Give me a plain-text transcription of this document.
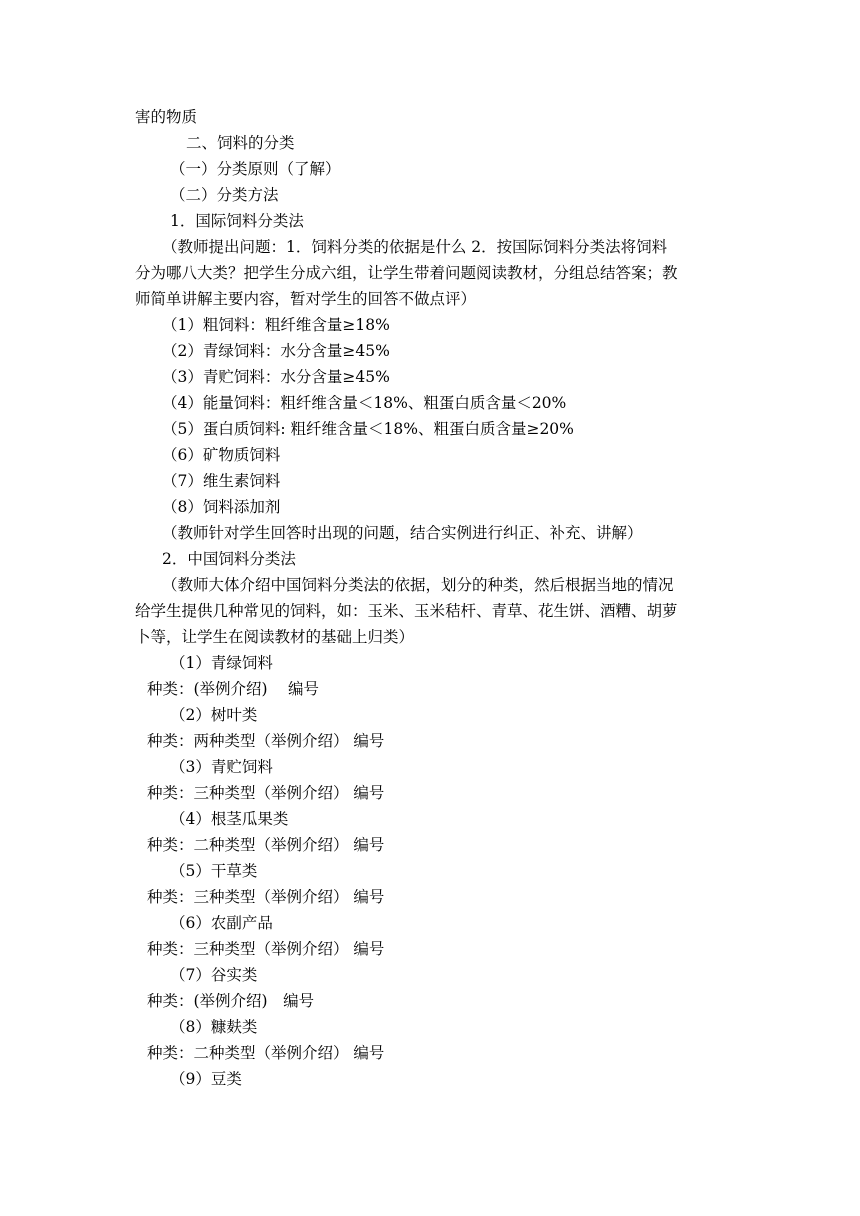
害的物质
二、饲料的分类
（一）分类原则（了解）
（二）分类方法
1．国际饲料分类法
（教师提出问题：1．饲料分类的依据是什么 2．按国际饲料分类法将饲料
分为哪八大类？把学生分成六组，让学生带着问题阅读教材，分组总结答案；教
师简单讲解主要内容，暂对学生的回答不做点评）
（1）粗饲料：粗纤维含量≥18%
（2）青绿饲料：水分含量≥45%
（3）青贮饲料：水分含量≥45%
（4）能量饲料：粗纤维含量＜18%、粗蛋白质含量＜20%
（5）蛋白质饲料: 粗纤维含量＜18%、粗蛋白质含量≥20%
（6）矿物质饲料
（7）维生素饲料
（8）饲料添加剂
（教师针对学生回答时出现的问题，结合实例进行纠正、补充、讲解）
2．中国饲料分类法
（教师大体介绍中国饲料分类法的依据，划分的种类，然后根据当地的情况
给学生提供几种常见的饲料，如：玉米、玉米秸杆、青草、花生饼、酒糟、胡萝
卜等，让学生在阅读教材的基础上归类）
（1）青绿饲料
种类：(举例介绍)　 编号
（2）树叶类
种类：两种类型（举例介绍） 编号
（3）青贮饲料
种类：三种类型（举例介绍） 编号
（4）根茎瓜果类
种类：二种类型（举例介绍） 编号
（5）干草类
种类：三种类型（举例介绍） 编号
（6）农副产品
种类：三种类型（举例介绍） 编号
（7）谷实类
种类：(举例介绍)　编号
（8）糠麸类
种类：二种类型（举例介绍） 编号
（9）豆类
